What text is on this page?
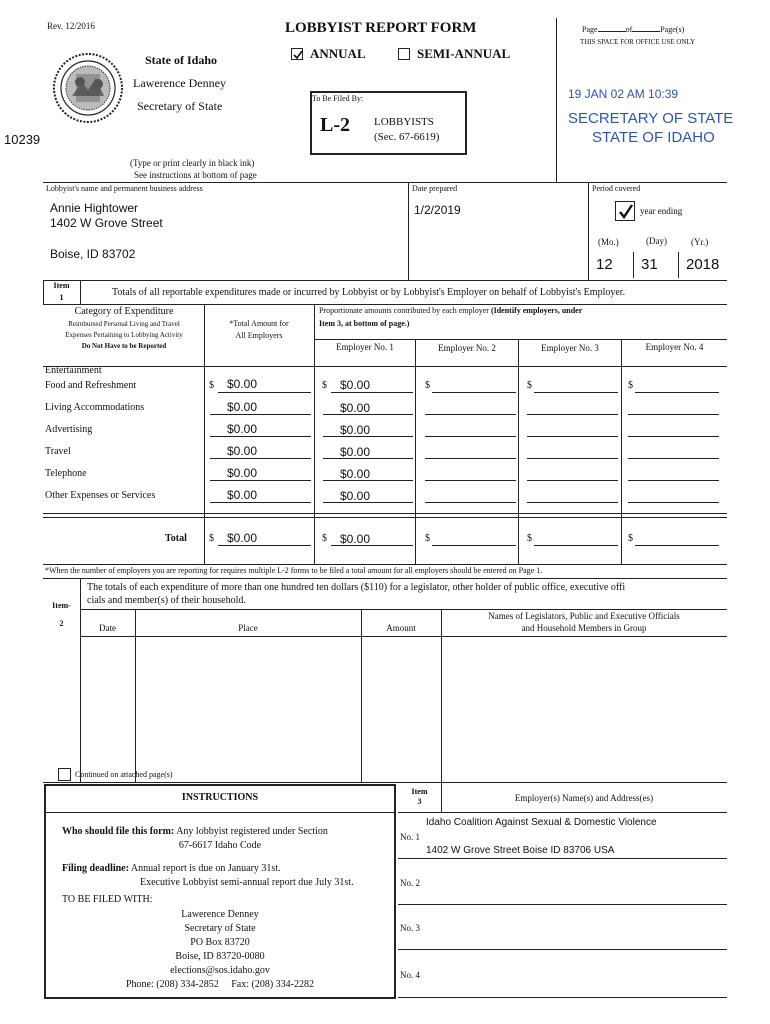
Rev. 12/2016	LOBBYIST REPORT FORM
State of Idaho
Lawerence Denney
Secretary of State
ANNUAL	SEMI-ANNUAL
Page	of	Page(s)
THIS SPACE FOR OFFICE USE ONLY
10239
19 JAN 02 AM 10:39
SECRETARY OF STATE
STATE OF IDAHO
To Be Filed By:
L-2 LOBBYISTS
(Sec. 67-6619)
(Type or print clearly in black ink)
See instructions at bottom of page
Lobbyist's name and permanent business address
Annie Hightower
1402 W Grove Street
Boise, ID 83702
Date prepared
1/2/2019
Period covered
year ending
(Mo.)	(Day)	(Yr.)
12 31 2018
Item
1	Totals of all reportable expenditures made or incurred by Lobbyist or by Lobbyist's Employer on behalf of Lobbyist's Employer.
Category of Expenditure
Reimbursed Personal Living and Travel
Expenses Pertaining to Lobbying Activity
Do Not Have to be Reported
*Total Amount for
All Employers
Proportionate amounts contributed by each employer (Identify employers, under
Item 3, at bottom of page.)
Employer No. 1	Employer No. 2	Employer No. 3	Employer No. 4
Entertainment
Food and Refreshment	$ $0.00	$ $0.00	$	$	$
Living Accommodations	$0.00	$0.00
Advertising	$0.00	$0.00
Travel	$0.00	$0.00
Telephone	$0.00	$0.00
Other Expenses or Services	$0.00	$0.00
Total $ $0.00	$ $0.00	$	$	$
*When the number of employers you are reporting for requires multiple L-2 forms to be filed a total amount for all employers should be entered on Page 1.
Item-
2
The totals of each expenditure of more than one hundred ten dollars ($110) for a legislator, other holder of public office, executive offi
cials and member(s) of their household.
Date	Place	Amount
Names of Legislators, Public and Executive Officials
and Household Members in Group
Continued on attached page(s)
INSTRUCTIONS
Who should file this form: Any lobbyist registered under Section
67-6617 Idaho Code
Filing deadline: Annual report is due on January 31st.
Executive Lobbyist semi-annual report due July 31st.
TO BE FILED WITH:
Lawerence Denney
Secretary of State
PO Box 83720
Boise, ID 83720-0080
elections@sos.idaho.gov
Phone: (208) 334-2852     Fax: (208) 334-2282
Item
3	Employer(s) Name(s) and Address(es)
No. 1
Idaho Coalition Against Sexual & Domestic Violence
1402 W Grove Street Boise ID 83706 USA
No. 2
No. 3
No. 4
